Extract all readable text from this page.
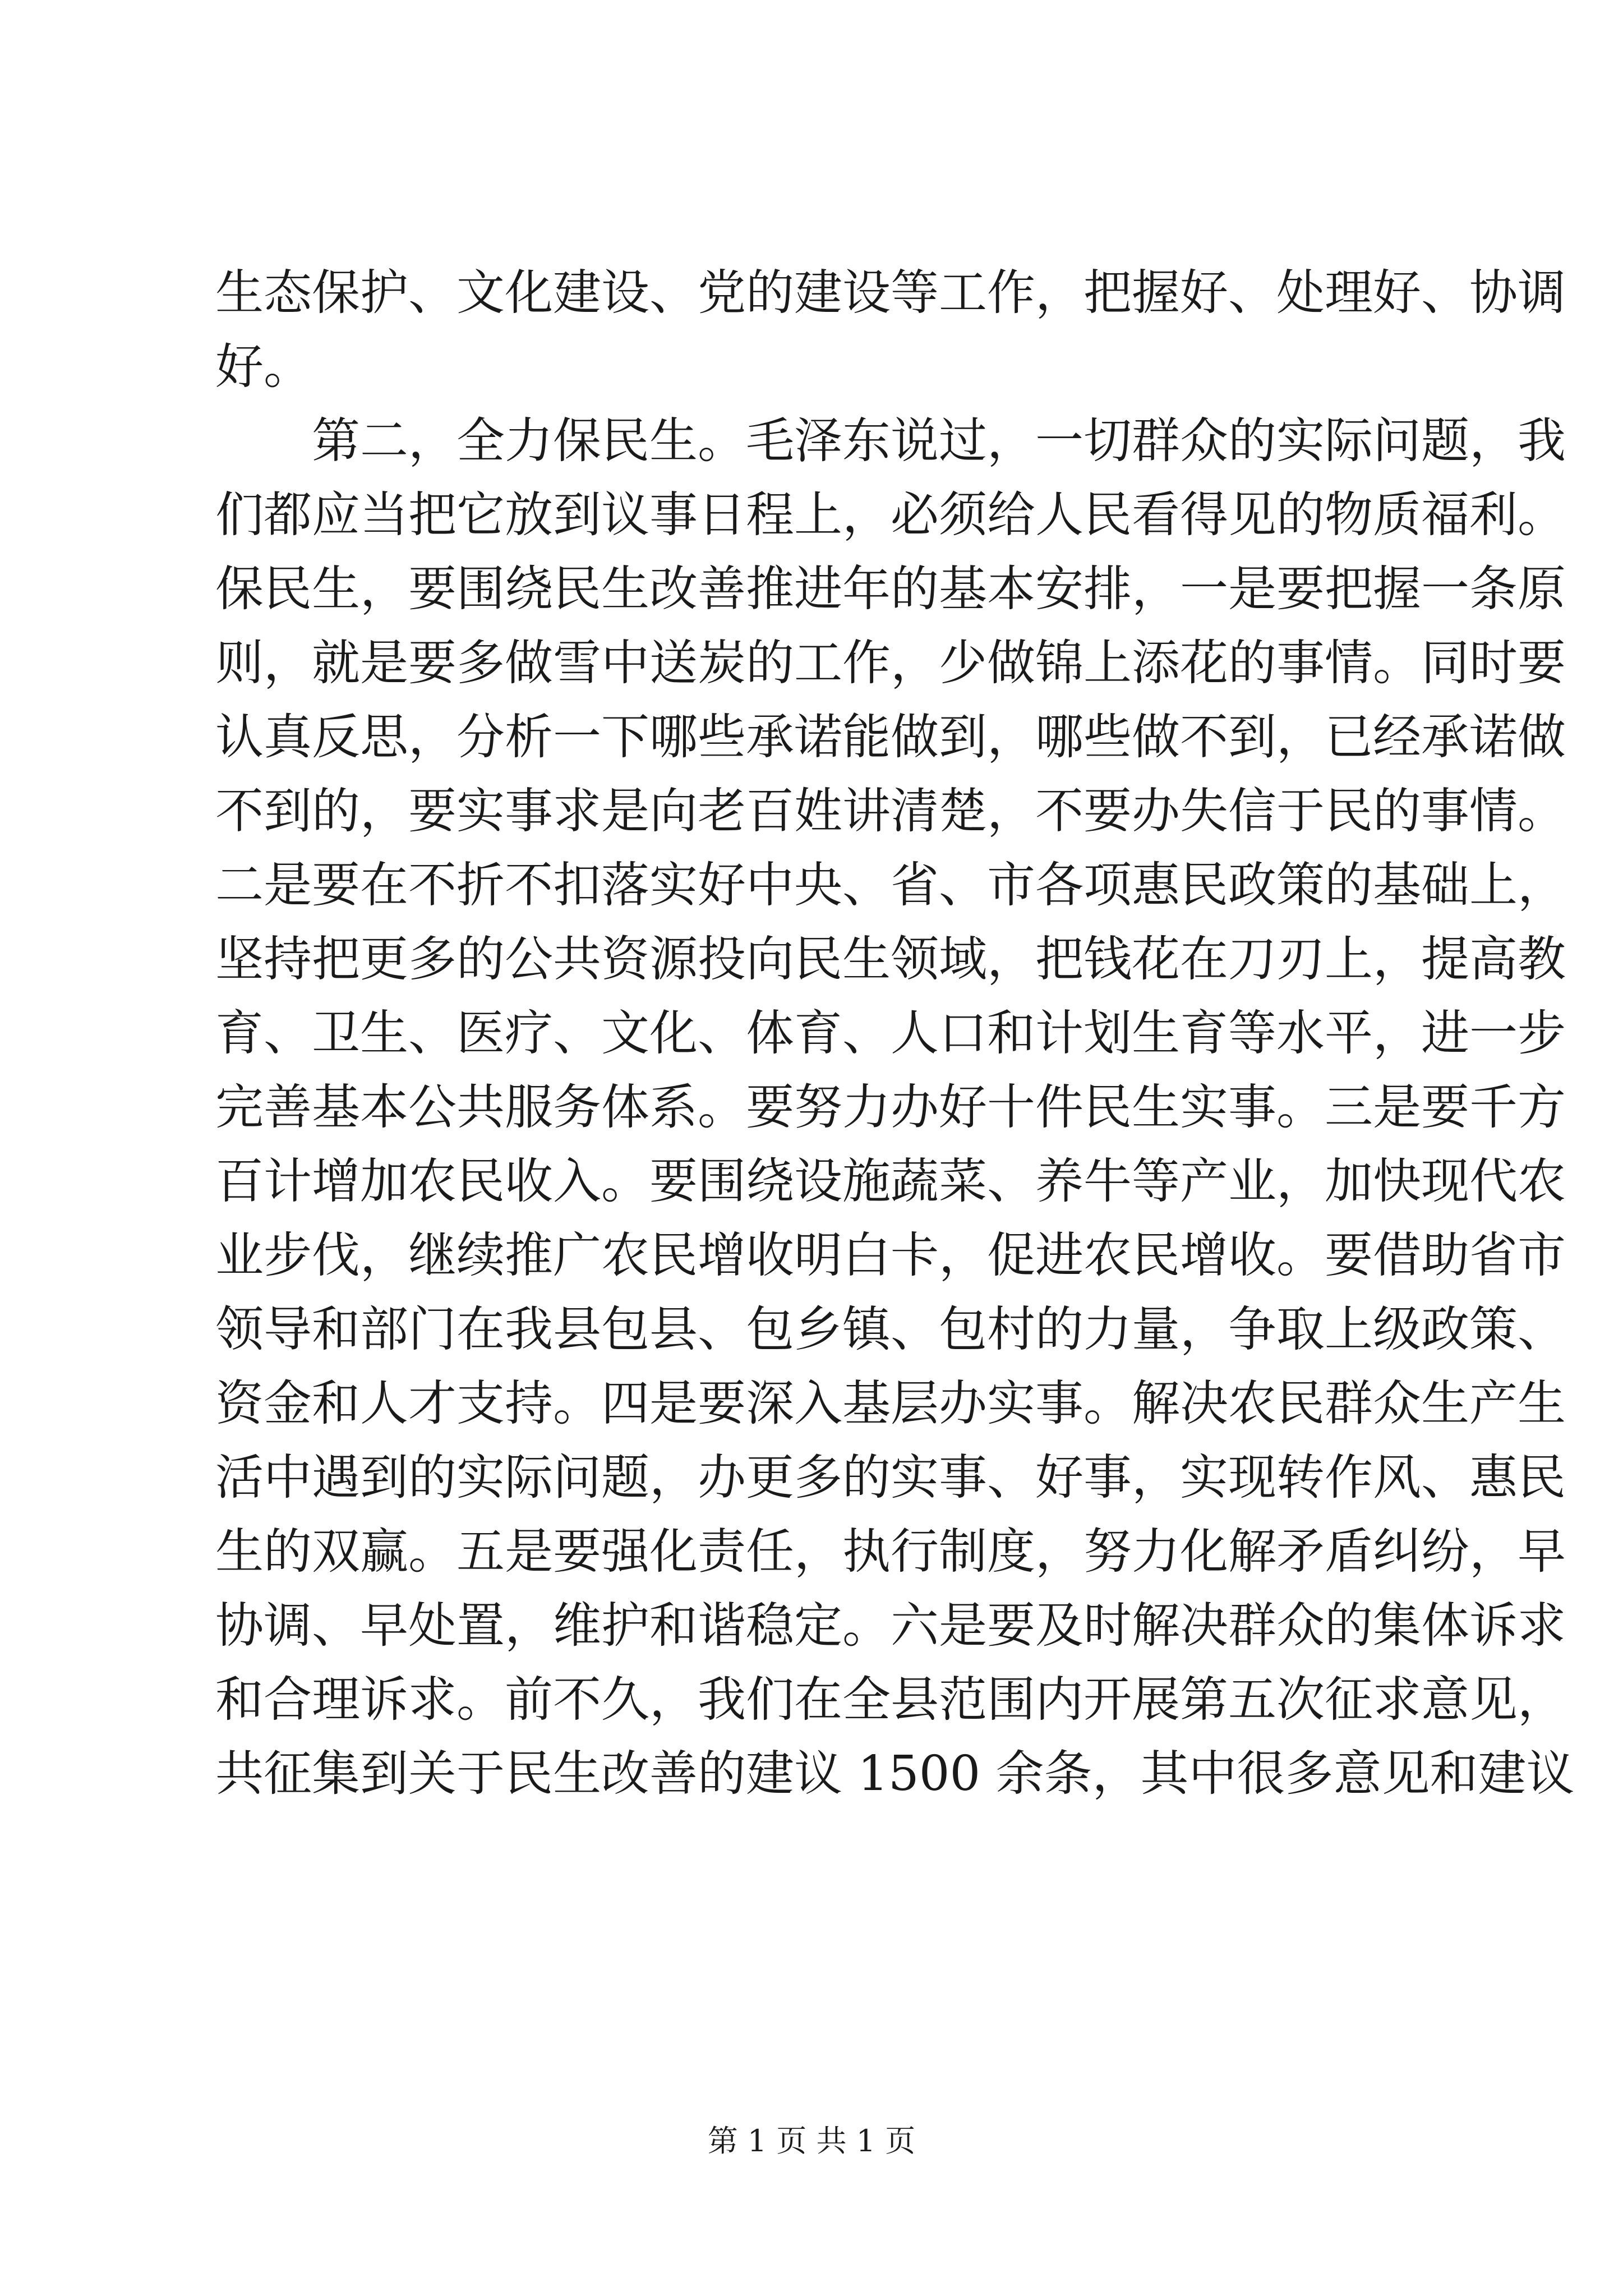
生态保护、文化建设、党的建设等工作，把握好、处理好、协调
好。
第二，全力保民生。毛泽东说过，一切群众的实际问题，我
们都应当把它放到议事日程上，必须给人民看得见的物质福利。
保民生，要围绕民生改善推进年的基本安排，一是要把握一条原
则，就是要多做雪中送炭的工作，少做锦上添花的事情。同时要
认真反思，分析一下哪些承诺能做到，哪些做不到，已经承诺做
不到的，要实事求是向老百姓讲清楚，不要办失信于民的事情。
二是要在不折不扣落实好中央、省、市各项惠民政策的基础上，
坚持把更多的公共资源投向民生领域，把钱花在刀刃上，提高教
育、卫生、医疗、文化、体育、人口和计划生育等水平，进一步
完善基本公共服务体系。要努力办好十件民生实事。三是要千方
百计增加农民收入。要围绕设施蔬菜、养牛等产业，加快现代农
业步伐，继续推广农民增收明白卡，促进农民增收。要借助省市
领导和部门在我县包县、包乡镇、包村的力量，争取上级政策、
资金和人才支持。四是要深入基层办实事。解决农民群众生产生
活中遇到的实际问题，办更多的实事、好事，实现转作风、惠民
生的双赢。五是要强化责任，执行制度，努力化解矛盾纠纷，早
协调、早处置，维护和谐稳定。六是要及时解决群众的集体诉求
和合理诉求。前不久，我们在全县范围内开展第五次征求意见，
共征集到关于民生改善的建议 1500 余条，其中很多意见和建议
第 1 页 共 1 页
